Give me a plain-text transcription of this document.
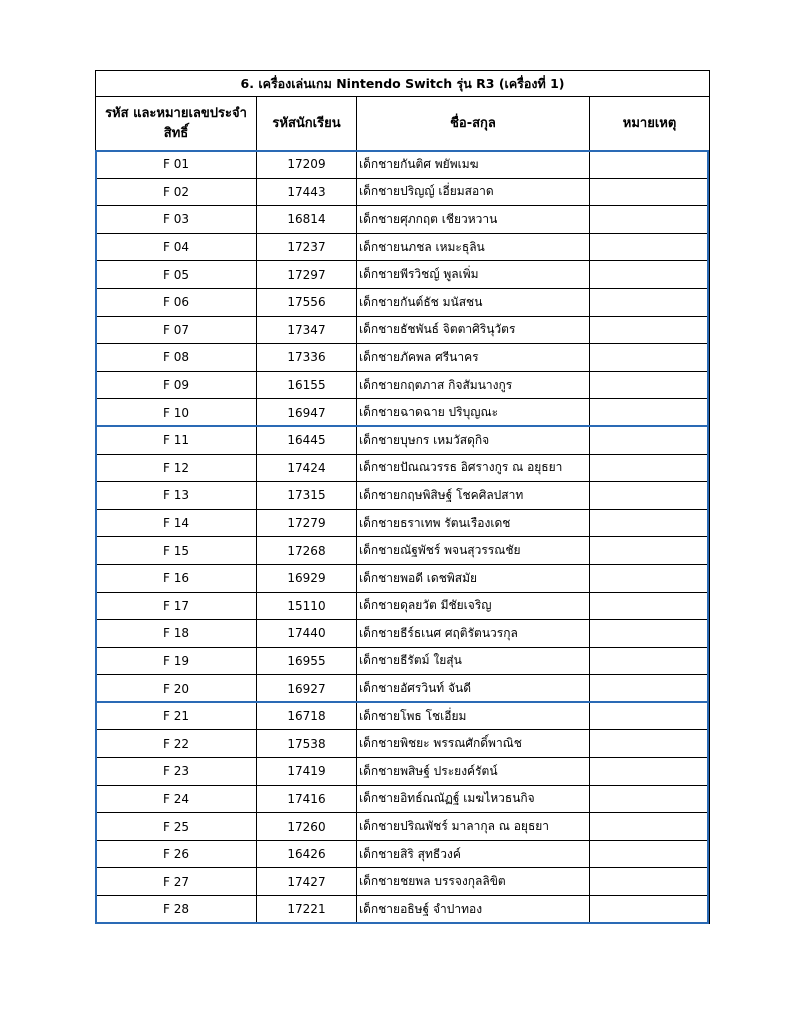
6. เครื่องเล่นเกม Nintendo Switch รุ่น R3 (เครื่องที่ 1)			
รหัส และหมายเลขประจำสิทธิ์	รหัสนักเรียน	ชื่อ-สกุล	หมายเหตุ
F 01	17209	เด็กชายกันติศ พยัพเมฆ	
F 02	17443	เด็กชายปริญญ์ เอี่ยมสอาด	
F 03	16814	เด็กชายศุภกฤต เชียวหวาน	
F 04	17237	เด็กชายนภชล เหมะธุลิน	
F 05	17297	เด็กชายพีรวิชญ์ พูลเพิ่ม	
F 06	17556	เด็กชายกันต์ธัช มนัสชน	
F 07	17347	เด็กชายธัชพันธ์ จิตตาศิรินุวัตร	
F 08	17336	เด็กชายภัคพล ศรีนาคร	
F 09	16155	เด็กชายกฤตภาส กิจสัมนางกูร	
F 10	16947	เด็กชายฉาดฉาย ปริบุญณะ	
F 11	16445	เด็กชายบุษกร เหมวัสดุกิจ	
F 12	17424	เด็กชายปัณณวรรธ อิศรางกูร ณ อยุธยา	
F 13	17315	เด็กชายกฤษพิสิษฐ์ โชคศิลปสาท	
F 14	17279	เด็กชายธราเทพ รัตนเรืองเดช	
F 15	17268	เด็กชายณัฐพัชร์ พจนสุวรรณชัย	
F 16	16929	เด็กชายพอดี เดชพิสมัย	
F 17	15110	เด็กชายดุลยวัต มีชัยเจริญ	
F 18	17440	เด็กชายธีร์ธเนศ ศฤติรัตนวรกุล	
F 19	16955	เด็กชายธีรัตม์ ใยสุ่น	
F 20	16927	เด็กชายอัศรวินท์ จันดี	
F 21	16718	เด็กชายโพธ โชเอี่ยม	
F 22	17538	เด็กชายพิชยะ พรรณศักดิ์พาณิช	
F 23	17419	เด็กชายพสิษฐ์ ประยงค์รัตน์	
F 24	17416	เด็กชายอิทธ์ณณัฏฐ์ เมฆไหวธนกิจ	
F 25	17260	เด็กชายปริณพัชร์ มาลากุล ณ อยุธยา	
F 26	16426	เด็กชายสิริ สุทธีวงค์	
F 27	17427	เด็กชายชยพล บรรจงกุลลิขิต	
F 28	17221	เด็กชายอธิษฐ์ จำปาทอง	
